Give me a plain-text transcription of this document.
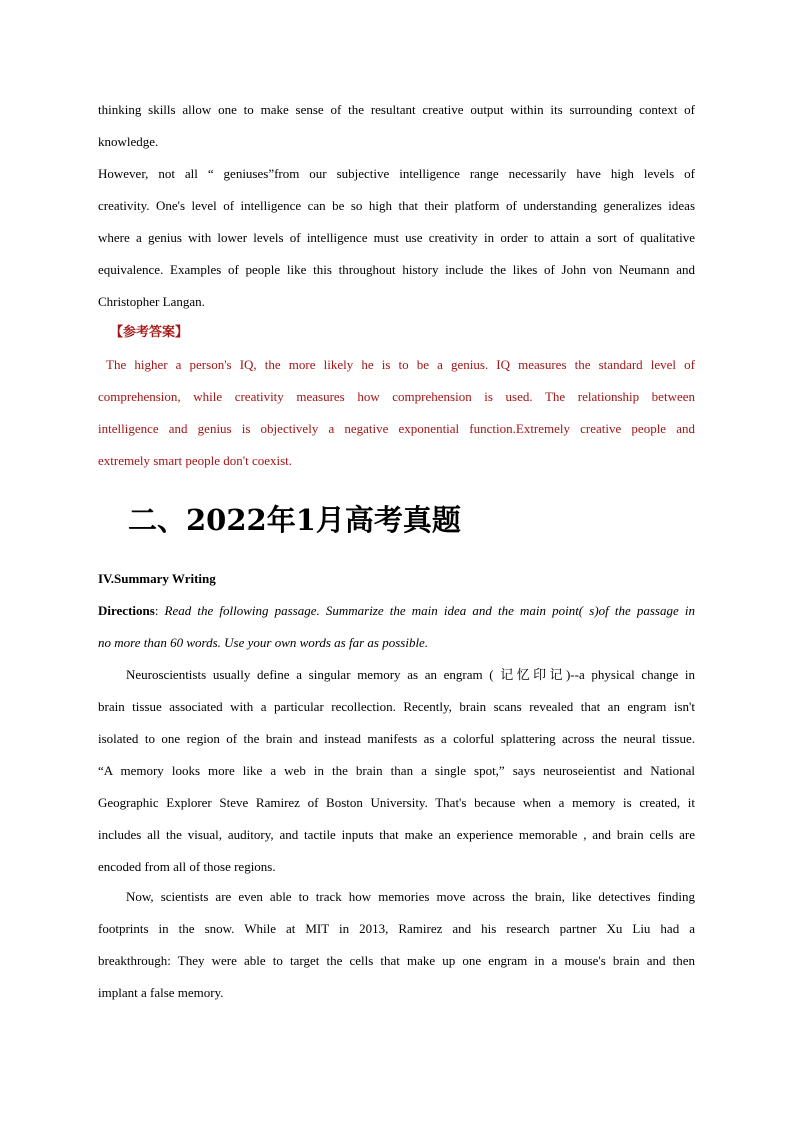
thinking skills allow one to make sense of the resultant creative output within its surrounding context of

knowledge.

However, not all “ geniuses”from our subjective intelligence range necessarily have high levels of

creativity. One's level of intelligence can be so high that their platform of understanding generalizes ideas

where a genius with lower levels of intelligence must use creativity in order to attain a sort of qualitative

equivalence. Examples of people like this throughout history include the likes of John von Neumann and

Christopher Langan.

【参考答案】

The higher a person's IQ, the more likely he is to be a genius. IQ measures the standard level of

comprehension, while creativity measures how comprehension is used. The relationship between

intelligence and genius is objectively a negative exponential function.Extremely creative people and

extremely smart people don't coexist.

二、2022年1月高考真题

IV.Summary Writing

Directions: Read the following passage. Summarize the main idea and the main point( s)of the passage in

no more than 60 words. Use your own words as far as possible.

Neuroscientists usually define a singular memory as an engram ( 记忆印记)--a physical change in

brain tissue associated with a particular recollection. Recently, brain scans revealed that an engram isn't

isolated to one region of the brain and instead manifests as a colorful splattering across the neural tissue.

“A memory looks more like a web in the brain than a single spot,” says neuroseientist and National

Geographic Explorer Steve Ramirez of Boston University. That's because when a memory is created, it

includes all the visual, auditory, and tactile inputs that make an experience memorable , and brain cells are

encoded from all of those regions.

Now, scientists are even able to track how memories move across the brain, like detectives finding

footprints in the snow. While at MIT in 2013, Ramirez and his research partner Xu Liu had a

breakthrough: They were able to target the cells that make up one engram in a mouse's brain and then

implant a false memory.
